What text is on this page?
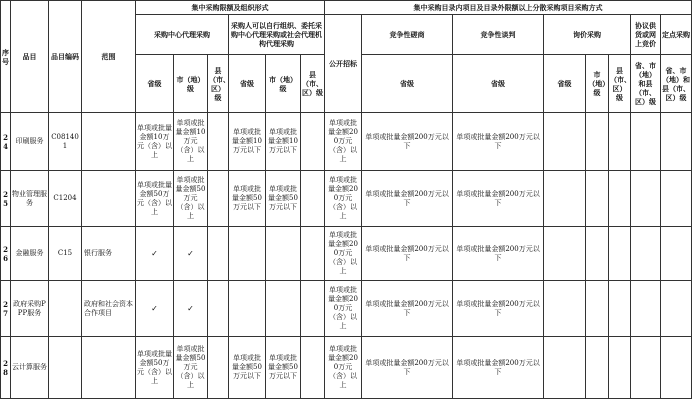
序号	品目	品目编码	范围	集中采购限额及组织形式						集中采购目录内项目及目录外限额以上分散采购项目采购方式							
				采购中心代理采购			采购人可以自行组织、委托采购中心代理采购或社会代理机构代理采购			公开招标	竞争性磋商	竞争性谈判	询价采购			协议供货或网上竞价	定点采购
				省级	市（地）级	县（市、区）级	省级	市（地）级	县（市、区）级		省级	省级	省级	市（地）级	县（市、区）级	省、市（地）和县（市、区）级	省、市（地）和县（市、区）级
24	印刷服务	C081401		单项或批量金额10万元（含）以上	单项或批量金额10万元（含）以上		单项或批量金额10万元以下	单项或批量金额10万元以下		单项或批量金额200万元（含）以上	单项或批量金额200万元以下	单项或批量金额200万元以下					
25	物业管理服务	C1204		单项或批量金额50万元（含）以上	单项或批量金额50万元（含）以上		单项或批量金额50万元以下	单项或批量金额50万元以下		单项或批量金额200万元（含）以上	单项或批量金额200万元以下	单项或批量金额200万元以下					
26	金融服务	C15	银行服务	✓	✓					单项或批量金额200万元（含）以上	单项或批量金额200万元以下	单项或批量金额200万元以下					
27	政府采购PPP服务		政府和社会资本合作项目	✓	✓					单项或批量金额200万元（含）以上	单项或批量金额200万元以下	单项或批量金额200万元以下					
28	云计算服务			单项或批量金额50万元（含）以上	单项或批量金额50万元（含）以上		单项或批量金额50万元以下	单项或批量金额50万元以下		单项或批量金额200万元（含）以上	单项或批量金额200万元以下	单项或批量金额200万元以下					
